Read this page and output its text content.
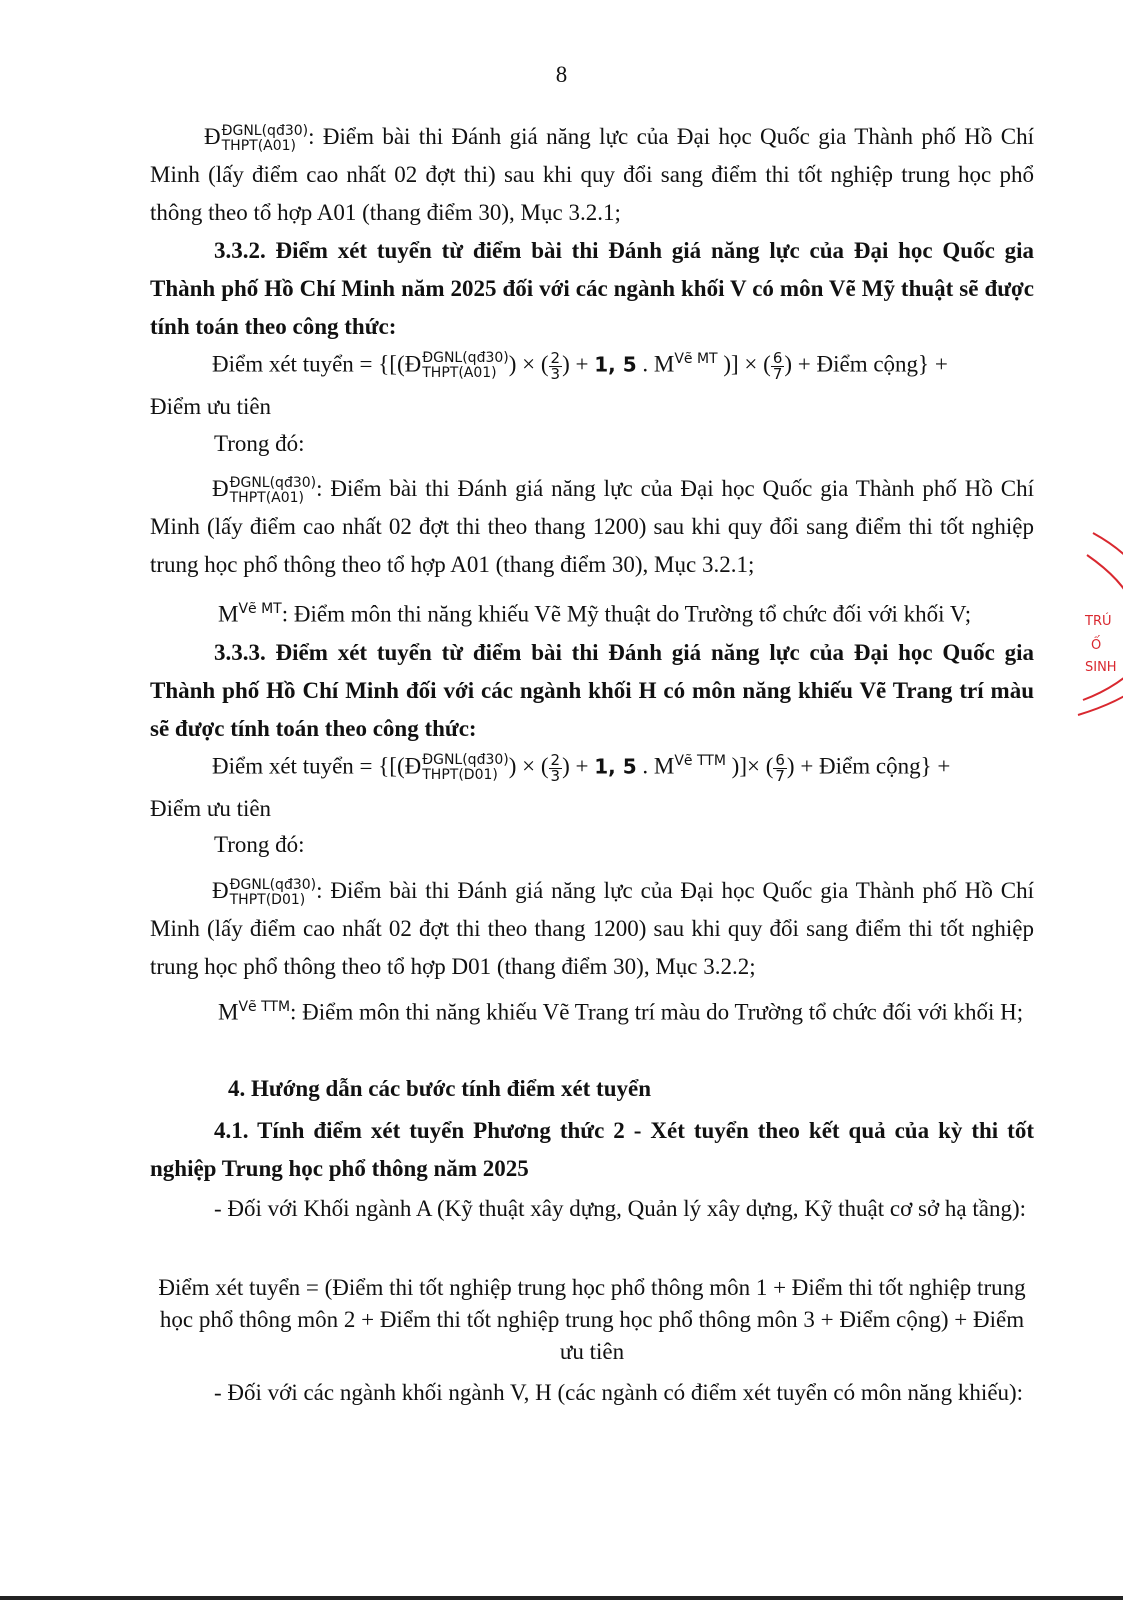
8
Đ ĐGNL(qđ30)
THPT(A01) : Điểm bài thi Đánh giá năng lực của Đại học Quốc gia Thành phố Hồ Chí Minh (lấy điểm cao nhất 02 đợt thi) sau khi quy đổi sang điểm thi tốt nghiệp trung học phổ thông theo tổ hợp A01 (thang điểm 30), Mục 3.2.1;
3.3.2. Điểm xét tuyển từ điểm bài thi Đánh giá năng lực của Đại học Quốc gia Thành phố Hồ Chí Minh năm 2025 đối với các ngành khối V có môn Vẽ Mỹ thuật sẽ được tính toán theo công thức:
Điểm xét tuyển = {[(Đ ĐGNL(qđ30)
THPT(A01) ) × ( $\frac{2}{3}$ ) + 1, 5 . $M^{Vẽ MT}$ )] × ( $\frac{6}{7}$ ) + Điểm cộng} +
Điểm ưu tiên
Trong đó:
Đ ĐGNL(qđ30)
THPT(A01) : Điểm bài thi Đánh giá năng lực của Đại học Quốc gia Thành phố Hồ Chí Minh (lấy điểm cao nhất 02 đợt thi theo thang 1200) sau khi quy đổi sang điểm thi tốt nghiệp trung học phổ thông theo tổ hợp A01 (thang điểm 30), Mục 3.2.1;
$M^{Vẽ MT}$: Điểm môn thi năng khiếu Vẽ Mỹ thuật do Trường tổ chức đối với khối V;
3.3.3. Điểm xét tuyển từ điểm bài thi Đánh giá năng lực của Đại học Quốc gia Thành phố Hồ Chí Minh đối với các ngành khối H có môn năng khiếu Vẽ Trang trí màu sẽ được tính toán theo công thức:
Điểm xét tuyển = {[(Đ ĐGNL(qđ30)
THPT(D01) ) × ( $\frac{2}{3}$ ) + 1, 5 . $M^{Vẽ TTM}$ )]× ( $\frac{6}{7}$ ) + Điểm cộng} +
Điểm ưu tiên
Trong đó:
Đ ĐGNL(qđ30)
THPT(D01) : Điểm bài thi Đánh giá năng lực của Đại học Quốc gia Thành phố Hồ Chí Minh (lấy điểm cao nhất 02 đợt thi theo thang 1200) sau khi quy đổi sang điểm thi tốt nghiệp trung học phổ thông theo tổ hợp D01 (thang điểm 30), Mục 3.2.2;
$M^{Vẽ TTM}$: Điểm môn thi năng khiếu Vẽ Trang trí màu do Trường tổ chức đối với khối H;
4. Hướng dẫn các bước tính điểm xét tuyển
4.1. Tính điểm xét tuyển Phương thức 2 - Xét tuyển theo kết quả của kỳ thi tốt nghiệp Trung học phổ thông năm 2025
- Đối với Khối ngành A (Kỹ thuật xây dựng, Quản lý xây dựng, Kỹ thuật cơ sở hạ tầng):
Điểm xét tuyển = (Điểm thi tốt nghiệp trung học phổ thông môn 1 + Điểm thi tốt nghiệp trung học phổ thông môn 2 + Điểm thi tốt nghiệp trung học phổ thông môn 3 + Điểm cộng) + Điểm ưu tiên
- Đối với các ngành khối ngành V, H (các ngành có điểm xét tuyển có môn năng khiếu):
TRÚ
Ố
SINH
